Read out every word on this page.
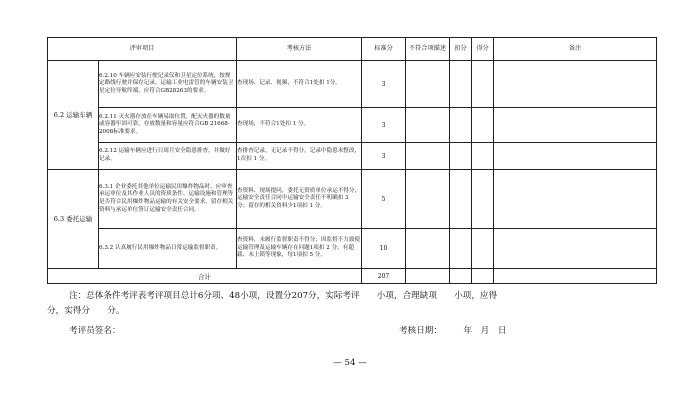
评审项目		考核方法	标准分	不符合项描述	扣分	得分	备注
6.2 运输车辆	6.2.10 车辆应安装行驶记录仪和卫星定位系统，按规定路线行驶并保存记录，运输工业电雷管的车辆安装卫星定位导航终端，应符合GB28263的要求。	查现场、记录、视频，不符合1处扣 1分。	3				
	6.2.11 灭火器存放在车辆易取位置，配灭火器的数量或容器牢固可靠，存放数量和容量应符合GB 21668-2008标准要求。	查现场，不符合1处扣 1 分。	3				
	6.2.12 运输车辆应进行日周月安全隐患排查，并做好记录。	查排查记录，无记录不得分，记录中隐患未整改，1次扣 1 分。	3				
6.3 委托运输	6.3.1 企业委托其他单位运输民用爆炸物品时，应审查承运单位及其作业人员的资质条件、运输设施和管理等是否符合民用爆炸物品运输的有关安全要求，留存相关资料与承运单位签订运输安全责任合同。	查资料、现场提问，委托无资质单位承运不得分；运输安全责任合同中运输安全责任不明确扣 3 分；留存的相关资料少1项扣 1 分。	5				
	6.3.2 认真履行民用爆炸物品日常运输监督职责。	查资料，未履行监督职责不得分；因监督不力致使运输管理及运输车辆存在问题1项扣 2 分，有超载、未上锁等现象，每1项扣 5 分。	10				
合计			207				
注：总体条件考评表考评项目总计6分项、48小项，设置分207分，实际考评　　小项，合理缺项　　小项，应得
分，实得分　　分。
考评员签名：	考核日期：　　　年　月　日
— 54 —
